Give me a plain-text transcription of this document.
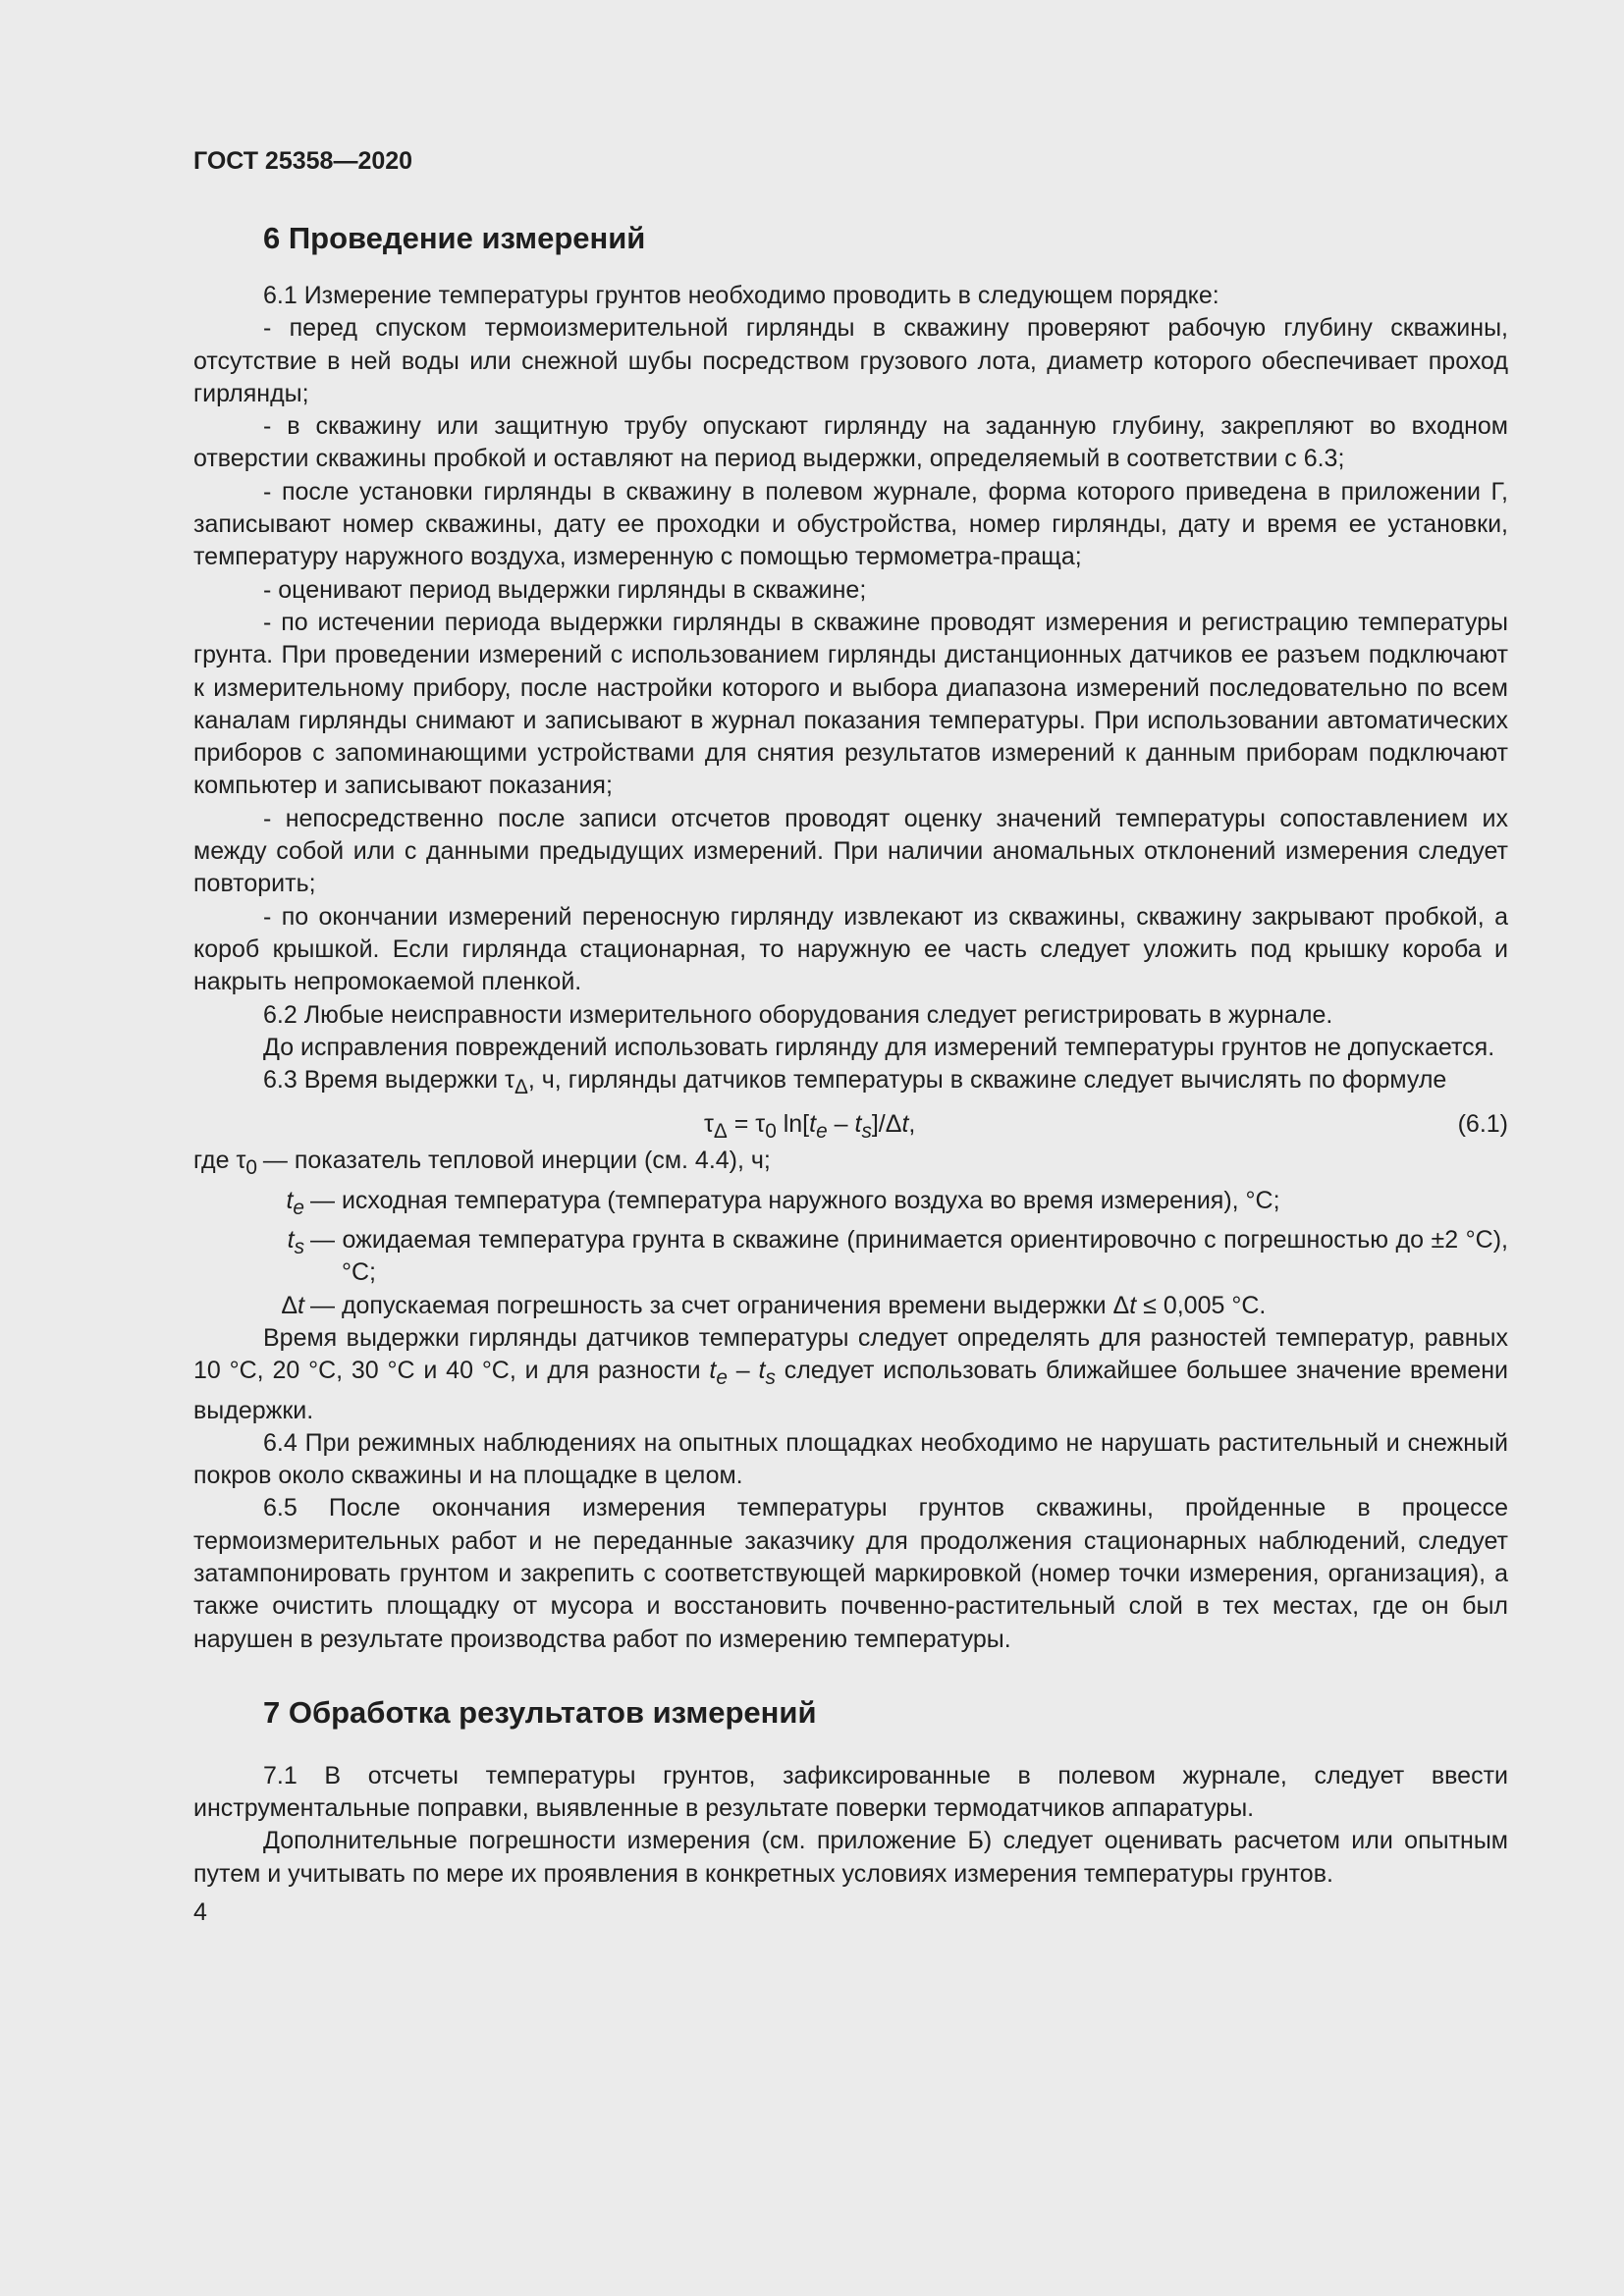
ГОСТ 25358—2020
6 Проведение измерений

6.1 Измерение температуры грунтов необходимо проводить в следующем порядке:

- перед спуском термоизмерительной гирлянды в скважину проверяют рабочую глубину скважины, отсутствие в ней воды или снежной шубы посредством грузового лота, диаметр которого обеспечивает проход гирлянды;

- в скважину или защитную трубу опускают гирлянду на заданную глубину, закрепляют во входном отверстии скважины пробкой и оставляют на период выдержки, определяемый в соответствии с 6.3;

- после установки гирлянды в скважину в полевом журнале, форма которого приведена в приложении Г, записывают номер скважины, дату ее проходки и обустройства, номер гирлянды, дату и время ее установки, температуру наружного воздуха, измеренную с помощью термометра-праща;

- оценивают период выдержки гирлянды в скважине;

- по истечении периода выдержки гирлянды в скважине проводят измерения и регистрацию температуры грунта. При проведении измерений с использованием гирлянды дистанционных датчиков ее разъем подключают к измерительному прибору, после настройки которого и выбора диапазона измерений последовательно по всем каналам гирлянды снимают и записывают в журнал показания температуры. При использовании автоматических приборов с запоминающими устройствами для снятия результатов измерений к данным приборам подключают компьютер и записывают показания;

- непосредственно после записи отсчетов проводят оценку значений температуры сопоставлением их между собой или с данными предыдущих измерений. При наличии аномальных отклонений измерения следует повторить;

- по окончании измерений переносную гирлянду извлекают из скважины, скважину закрывают пробкой, а короб крышкой. Если гирлянда стационарная, то наружную ее часть следует уложить под крышку короба и накрыть непромокаемой пленкой.

6.2 Любые неисправности измерительного оборудования следует регистрировать в журнале.

До исправления повреждений использовать гирлянду для измерений температуры грунтов не допускается.

6.3 Время выдержки $\tau_\Delta$, ч, гирлянды датчиков температуры в скважине следует вычислять по формуле

$\tau_\Delta = \tau_0$ $\ln[t_e - t_s]/\Delta t$,	(6.1)
где $\tau_0$ — показатель тепловой инерции (см. 4.4), ч;
$t_e$ — исходная температура (температура наружного воздуха во время измерения), °С;
$t_s$ — ожидаемая температура грунта в скважине (принимается ориентировочно с погрешностью до ±2 °С), °С;
Δt — допускаемая погрешность за счет ограничения времени выдержки Δt ≤ 0,005 °С.

Время выдержки гирлянды датчиков температуры следует определять для разностей температур, равных 10 °С, 20 °С, 30 °С и 40 °С, и для разности $t_e - t_s$ следует использовать ближайшее большее значение времени выдержки.

6.4 При режимных наблюдениях на опытных площадках необходимо не нарушать растительный и снежный покров около скважины и на площадке в целом.

6.5 После окончания измерения температуры грунтов скважины, пройденные в процессе термоизмерительных работ и не переданные заказчику для продолжения стационарных наблюдений, следует затампонировать грунтом и закрепить с соответствующей маркировкой (номер точки измерения, организация), а также очистить площадку от мусора и восстановить почвенно-растительный слой в тех местах, где он был нарушен в результате производства работ по измерению температуры.

7 Обработка результатов измерений

7.1 В отсчеты температуры грунтов, зафиксированные в полевом журнале, следует ввести инструментальные поправки, выявленные в результате поверки термодатчиков аппаратуры.

Дополнительные погрешности измерения (см. приложение Б) следует оценивать расчетом или опытным путем и учитывать по мере их проявления в конкретных условиях измерения температуры грунтов.

4
